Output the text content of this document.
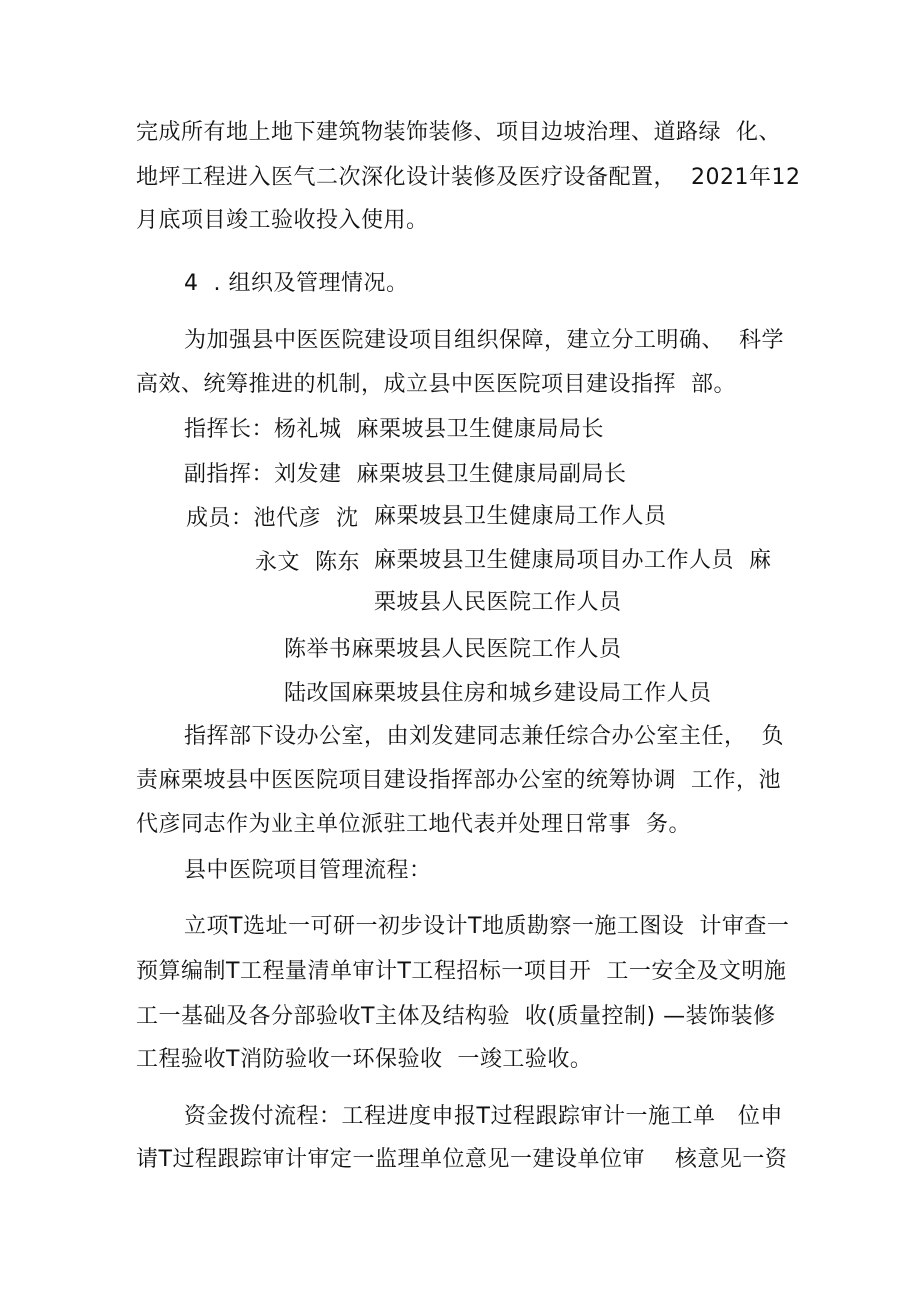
完成所有地上地下建筑物装饰装修、项目边坡治理、道路绿  化、
地坪工程进入医气二次深化设计装修及医疗设备配置，  2021年12
月底项目竣工验收投入使用。
4  . 组织及管理情况。
为加强县中医医院建设项目组织保障，建立分工明确、  科学
高效、统筹推进的机制，成立县中医医院项目建设指挥  部。
指挥长：杨礼城  麻栗坡县卫生健康局局长
副指挥：刘发建  麻栗坡县卫生健康局副局长
成员：池代彦  沈 麻栗坡县卫生健康局工作人员
永文  陈东 麻栗坡县卫生健康局项目办工作人员  麻
栗坡县人民医院工作人员
陈举书麻栗坡县人民医院工作人员
陆改国麻栗坡县住房和城乡建设局工作人员
指挥部下设办公室，由刘发建同志兼任综合办公室主任，  负
责麻栗坡县中医医院项目建设指挥部办公室的统筹协调  工作，池
代彦同志作为业主单位派驻工地代表并处理日常事  务。
县中医院项目管理流程：
立项T选址一可研一初步设计T地质勘察一施工图设  计审查一
预算编制T工程量清单审计T工程招标一项目开  工一安全及文明施
工一基础及各分部验收T主体及结构验  收(质量控制) —装饰装修
工程验收T消防验收一环保验收  一竣工验收。
资金拨付流程：工程进度申报T过程跟踪审计一施工单   位申
请T过程跟踪审计审定一监理单位意见一建设单位审    核意见一资
